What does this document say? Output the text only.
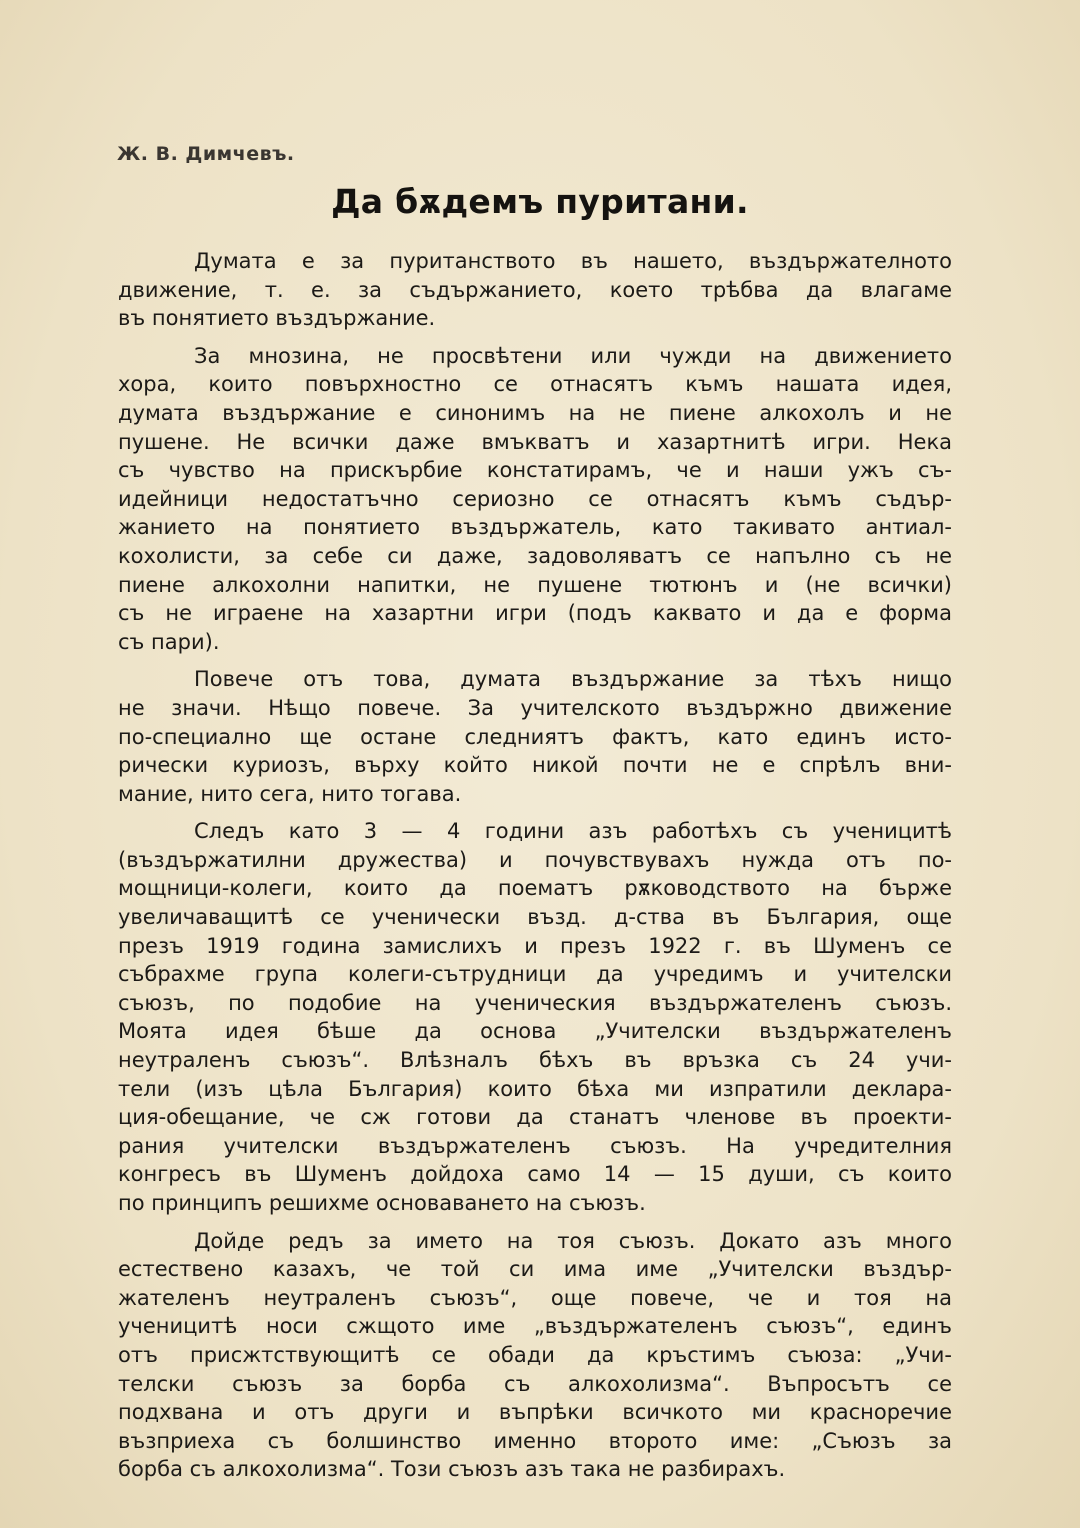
Ж. В. Димчевъ.
Да бѫдемъ пуритани.
Думата е за пуританството въ нашето, въздържателното
движение, т. е. за съдържанието, което трѣбва да влагаме
въ понятието въздържание.
За мнозина, не просвѣтени или чужди на движението
хора, които повърхностно се отнасятъ къмъ нашата идея,
думата въздържание е синонимъ на не пиене алкохолъ и не
пушене. Не всички даже вмъкватъ и хазартнитѣ игри. Нека
съ чувство на прискърбие констатирамъ, че и наши ужъ съ-
идейници недостатъчно сериозно се отнасятъ къмъ съдър-
жанието на понятието въздържатель, като такивато антиал-
кохолисти, за себе си даже, задоволяватъ се напълно съ не
пиене алкохолни напитки, не пушене тютюнъ и (не всички)
съ не играене на хазартни игри (подъ каквато и да е форма
съ пари).
Повече отъ това, думата въздържание за тѣхъ нищо
не значи. Нѣщо повече. За учителското въздържно движение
по-специално ще остане следниятъ фактъ, като единъ исто-
рически куриозъ, върху който никой почти не е спрѣлъ вни-
мание, нито сега, нито тогава.
Следъ като 3 — 4 години азъ работѣхъ съ ученицитѣ
(въздържатилни дружества) и почувствувахъ нужда отъ по-
мощници-колеги, които да поематъ рѫководството на бърже
увеличаващитѣ се ученически възд. д-ства въ България, още
презъ 1919 година замислихъ и презъ 1922 г. въ Шуменъ се
събрахме група колеги-сътрудници да учредимъ и учителски
съюзъ, по подобие на ученическия въздържателенъ съюзъ.
Моята идея бѣше да основа „Учителски въздържателенъ
неутраленъ съюзъ“. Влѣзналъ бѣхъ въ връзка съ 24 учи-
тели (изъ цѣла България) които бѣха ми изпратили деклара-
ция-обещание, че сж готови да станатъ членове въ проекти-
рания учителски въздържателенъ съюзъ. На учредителния
конгресъ въ Шуменъ дойдоха само 14 — 15 души, съ които
по принципъ решихме основаването на съюзъ.
Дойде редъ за името на тоя съюзъ. Докато азъ много
естествено казахъ, че той си има име „Учителски въздър-
жателенъ неутраленъ съюзъ“, още повече, че и тоя на
ученицитѣ носи сжщото име „въздържателенъ съюзъ“, единъ
отъ присжтствующитѣ се обади да кръстимъ съюза: „Учи-
телски съюзъ за борба съ алкохолизма“. Въпросътъ се
подхвана и отъ други и въпрѣки всичкото ми красноречие
възприеха съ болшинство именно второто име: „Съюзъ за
борба съ алкохолизма“. Този съюзъ азъ така не разбирахъ.
